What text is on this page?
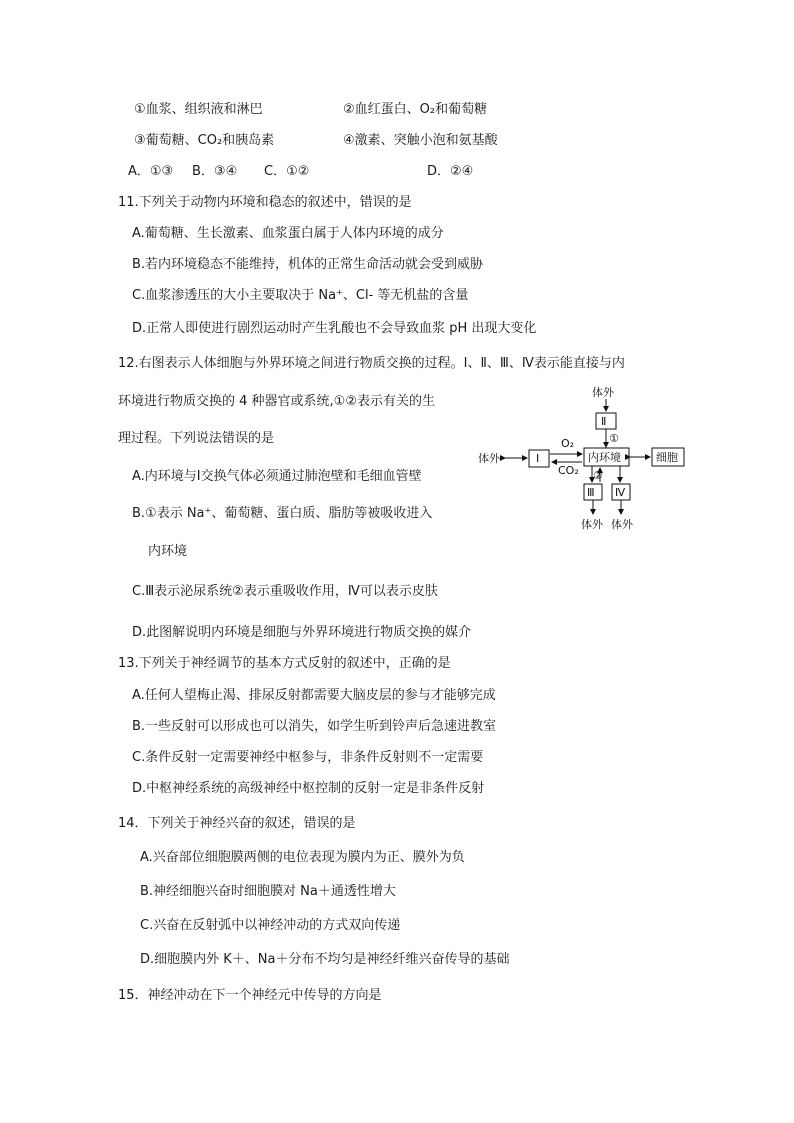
①血浆、组织液和淋巴	②血红蛋白、O₂和葡萄糖
③葡萄糖、CO₂和胰岛素	④激素、突触小泡和氨基酸
A．①③ B．③④ C．①②	D．②④
11.下列关于动物内环境和稳态的叙述中，错误的是
A.葡萄糖、生长激素、血浆蛋白属于人体内环境的成分
B.若内环境稳态不能维持，机体的正常生命活动就会受到威胁
C.血浆渗透压的大小主要取决于 Na⁺、Cl- 等无机盐的含量
D.正常人即使进行剧烈运动时产生乳酸也不会导致血浆 pH 出现大变化
12.右图表示人体细胞与外界环境之间进行物质交换的过程。Ⅰ、Ⅱ、Ⅲ、Ⅳ表示能直接与内
环境进行物质交换的 4 种器官或系统,①②表示有关的生
理过程。下列说法错误的是
A.内环境与Ⅰ交换气体必须通过肺泡壁和毛细血管壁
B.①表示 Na⁺、葡萄糖、蛋白质、脂肪等被吸收进入
内环境
C.Ⅲ表示泌尿系统②表示重吸收作用，Ⅳ可以表示皮肤
D.此图解说明内环境是细胞与外界环境进行物质交换的媒介
体外
Ⅱ
①
体外	Ⅰ
O₂
CO₂
内环境	细胞
②
Ⅲ Ⅳ
体外 体外
13.下列关于神经调节的基本方式反射的叙述中，正确的是
A.任何人望梅止渴、排尿反射都需要大脑皮层的参与才能够完成
B.一些反射可以形成也可以消失，如学生听到铃声后急速进教室
C.条件反射一定需要神经中枢参与，非条件反射则不一定需要
D.中枢神经系统的高级神经中枢控制的反射一定是非条件反射
14．下列关于神经兴奋的叙述，错误的是
A.兴奋部位细胞膜两侧的电位表现为膜内为正、膜外为负
B.神经细胞兴奋时细胞膜对 Na＋通透性增大
C.兴奋在反射弧中以神经冲动的方式双向传递
D.细胞膜内外 K＋、Na＋分布不均匀是神经纤维兴奋传导的基础
15．神经冲动在下一个神经元中传导的方向是
